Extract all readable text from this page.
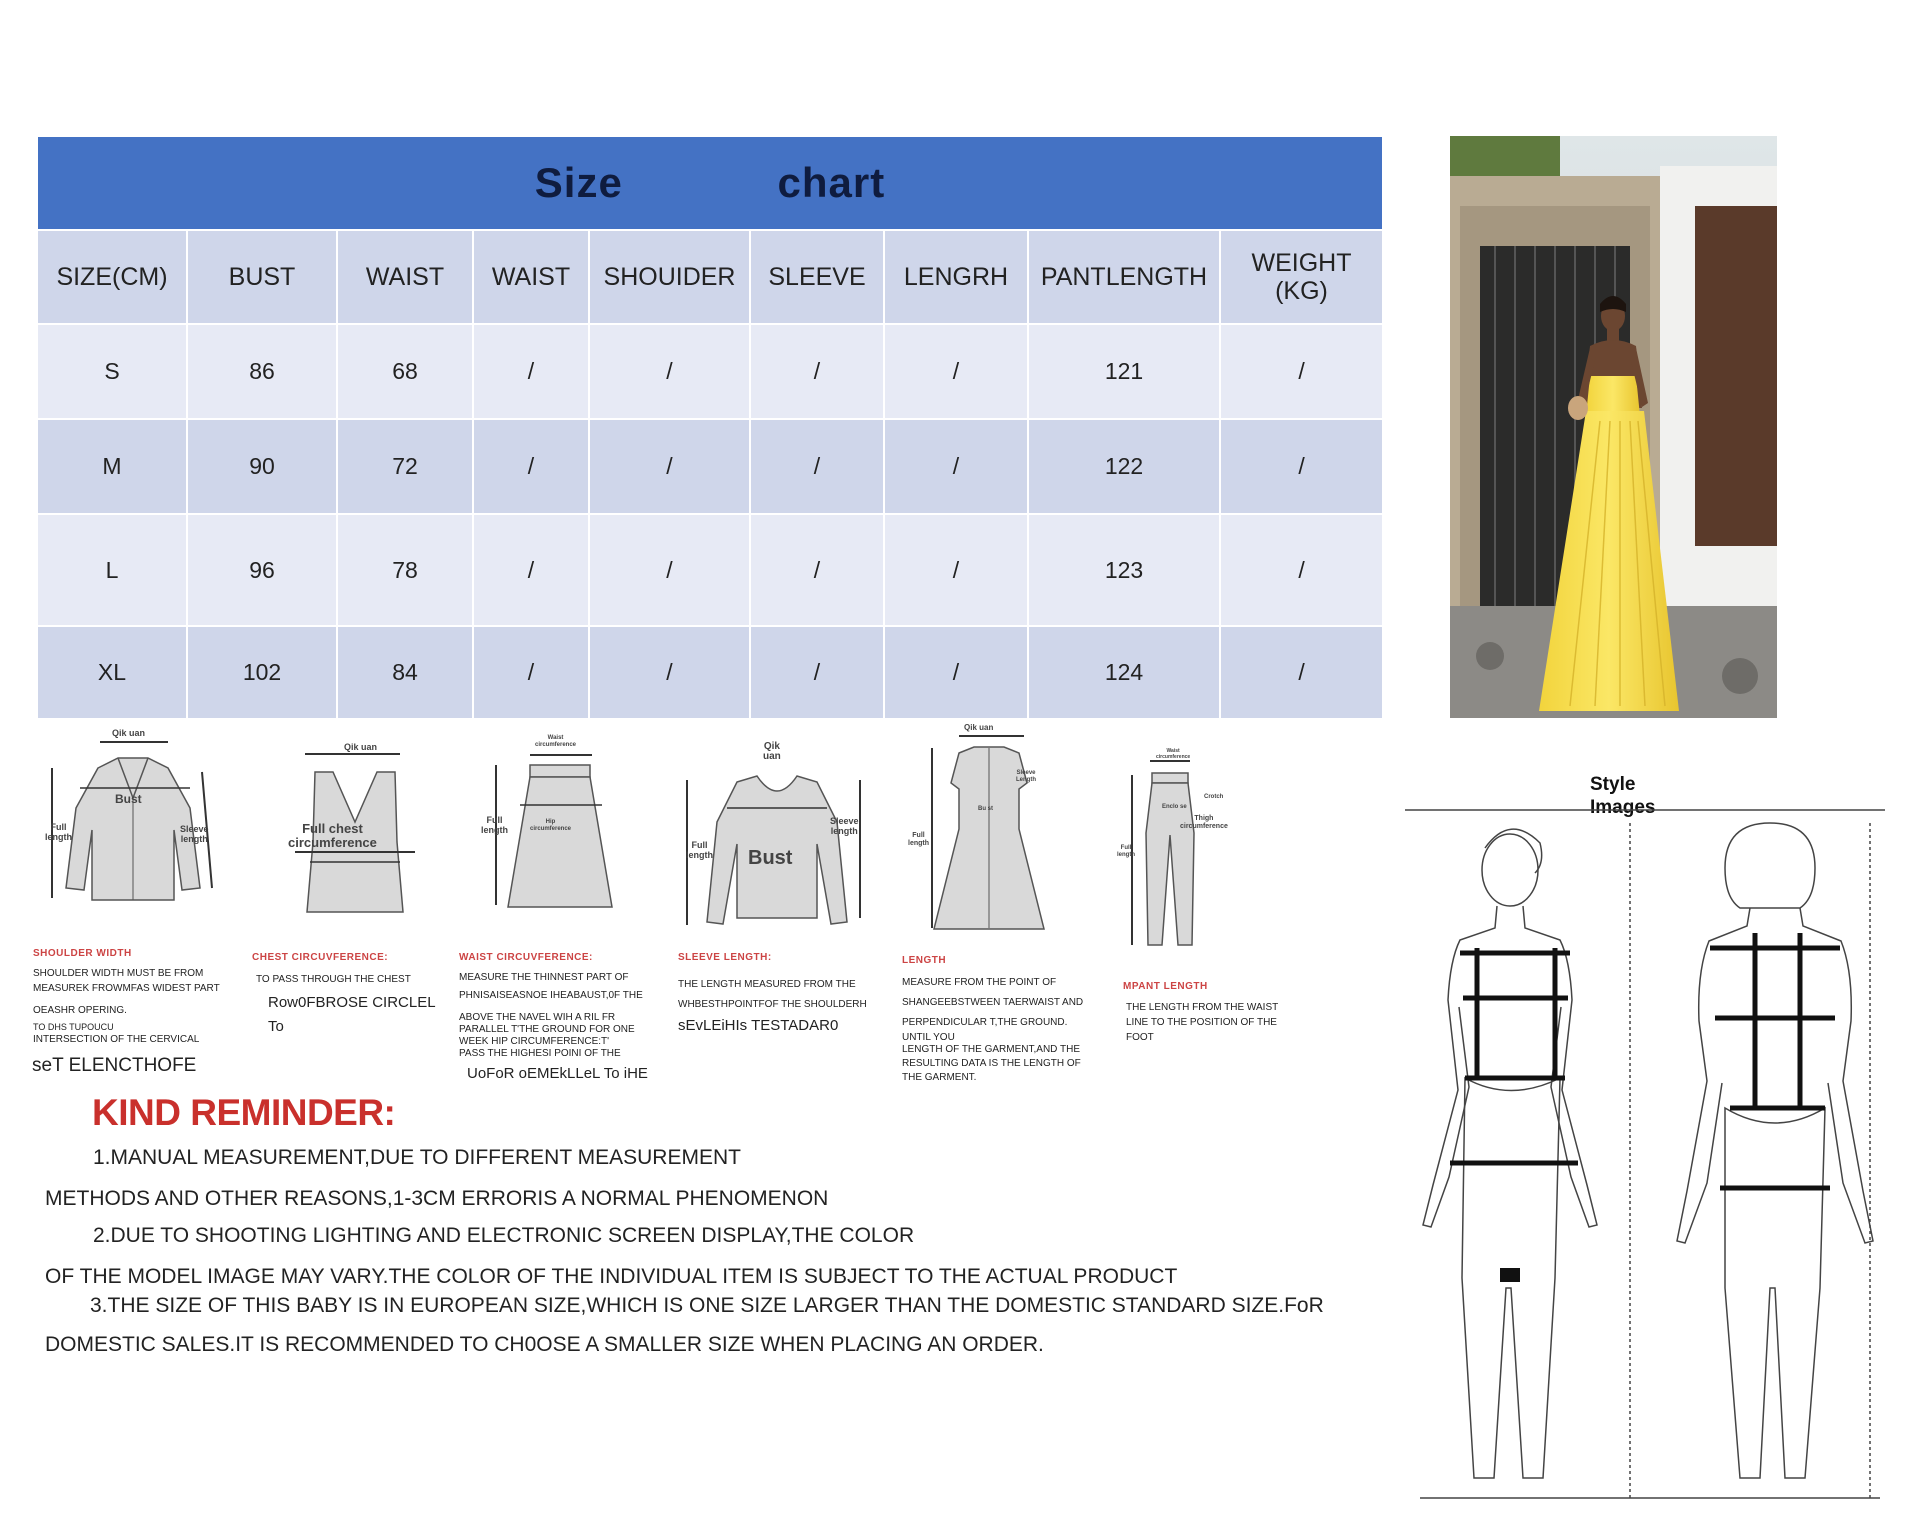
Size    chart								
SIZE(CM)	BUST	WAIST	WAIST	SHOUIDER	SLEEVE	LENGRH	PANTLENGTH	WEIGHT
(KG)
S	86	68	/	/	/	/	121	/
M	90	72	/	/	/	/	122	/
L	96	78	/	/	/	/	123	/
XL	102	84	/	/	/	/	124	/
Qik uan
Bust
Full
length
Sleeve
length
Qik uan
Full chest
circumference
Waist
circumference
Full
length
Hip
circumference
Qik
uan
Bust
Full
length
Sleeve
length
Qik uan
Bu st
Full
length
Sleeve
Length
Waist
circumference
Enclo se
Full
length
Crotch
Thigh
circumference
SHOULDER WIDTH
SHOULDER WIDTH MUST BE FROM
MEASUREK FROWMFAS WIDEST PART
OEASHR OPERING.
TO DHS TUPOUCU
INTERSECTION OF THE CERVICAL
seT ELENCTHOFE
CHEST CIRCUVFERENCE:
TO PASS THROUGH THE CHEST
Row0FBROSE CIRCLEL
To
WAIST CIRCUVFERENCE:
MEASURE THE THINNEST PART OF
PHNISAISEASNOE IHEABAUST,0F THE
ABOVE THE NAVEL WIH A RIL FR
PARALLEL T'THE GROUND FOR ONE
WEEK HIP CIRCUMFERENCE:T'
PASS THE HIGHESI POINI OF THE
UoFoR oEMEkLLeL To iHE
SLEEVE LENGTH:
THE LENGTH MEASURED FROM THE
WHBESTHPOINTFOF THE SHOULDERH
sEvLEiHIs TESTADAR0
LENGTH
MEASURE FROM THE POINT OF
SHANGEEBSTWEEN TAERWAIST AND
PERPENDICULAR T,THE GROUND.
UNTIL YOU
LENGTH OF THE GARMENT,AND THE
RESULTING DATA IS THE LENGTH OF
THE GARMENT.
MPANT LENGTH
THE LENGTH FROM THE WAIST
LINE TO THE POSITION OF THE
FOOT
KIND REMINDER:
1.MANUAL MEASUREMENT,DUE TO DIFFERENT MEASUREMENT
METHODS AND OTHER REASONS,1-3CM ERRORIS A NORMAL PHENOMENON
2.DUE TO SHOOTING LIGHTING AND ELECTRONIC SCREEN DISPLAY,THE COLOR
OF THE MODEL IMAGE MAY VARY.THE COLOR OF THE INDIVIDUAL ITEM IS SUBJECT TO THE ACTUAL PRODUCT
3.THE SIZE OF THIS BABY IS IN EUROPEAN SIZE,WHICH IS ONE SIZE LARGER THAN THE DOMESTIC STANDARD SIZE.FoR
DOMESTIC SALES.IT IS RECOMMENDED TO CH0OSE A SMALLER SIZE WHEN PLACING AN ORDER.
Style
Images
